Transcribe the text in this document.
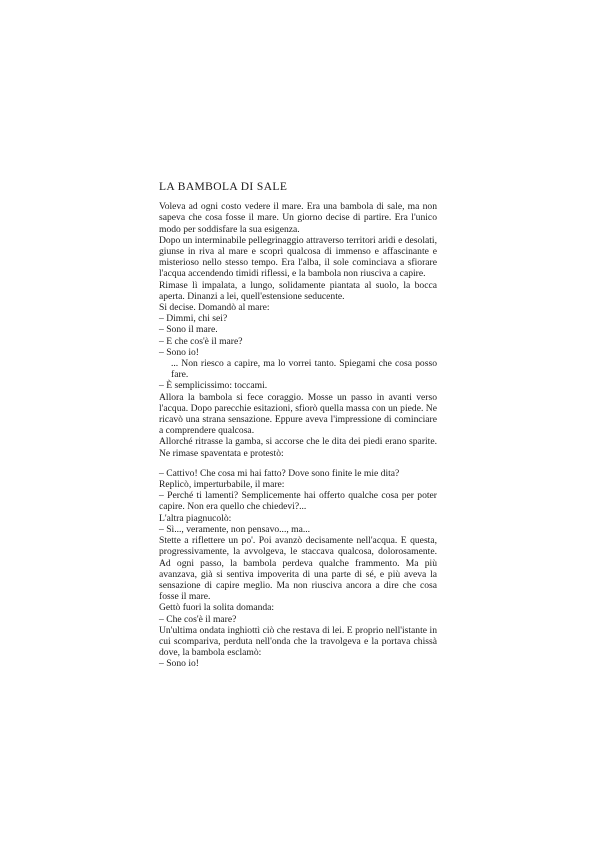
LA BAMBOLA DI SALE

Voleva ad ogni costo vedere il mare. Era una bambola di sale, ma non sapeva che cosa fosse il mare. Un giorno decise di partire. Era l'unico modo per soddisfare la sua esigenza.

Dopo un interminabile pellegrinaggio attraverso territori aridi e desolati, giunse in riva al mare e scoprì qualcosa di immenso e affascinante e misterioso nello stesso tempo. Era l'alba, il sole cominciava a sfiorare l'acqua accendendo timidi riflessi, e la bambola non riusciva a capire.

Rimase lì impalata, a lungo, solidamente piantata al suolo, la bocca aperta. Dinanzi a lei, quell'estensione seducente.

Si decise. Domandò al mare:

– Dimmi, chi sei?

– Sono il mare.

– E che cos'è il mare?

– Sono io!

... Non riesco a capire, ma lo vorrei tanto. Spiegami che cosa posso fare.

– È semplicissimo: toccami.

Allora la bambola si fece coraggio. Mosse un passo in avanti verso l'acqua. Dopo parecchie esitazioni, sfiorò quella massa con un piede. Ne ricavò una strana sensazione. Eppure aveva l'impressione di cominciare a comprendere qualcosa.

Allorché ritrasse la gamba, si accorse che le dita dei piedi erano sparite. Ne rimase spaventata e protestò:

– Cattivo! Che cosa mi hai fatto? Dove sono finite le mie dita?

Replicò, imperturbabile, il mare:

– Perché ti lamenti? Semplicemente hai offerto qualche cosa per poter capire. Non era quello che chiedevi?...

L'altra piagnucolò:

– Sì..., veramente, non pensavo..., ma...

Stette a riflettere un po'. Poi avanzò decisamente nell'acqua. E questa, progressivamente, la avvolgeva, le staccava qualcosa, dolorosamente. Ad ogni passo, la bambola perdeva qualche frammento. Ma più avanzava, già si sentiva impoverita di una parte di sé, e più aveva la sensazione di capire meglio. Ma non riusciva ancora a dire che cosa fosse il mare.

Gettò fuori la solita domanda:

– Che cos'è il mare?

Un'ultima ondata inghiottì ciò che restava di lei. E proprio nell'istante in cui scompariva, perduta nell'onda che la travolgeva e la portava chissà dove, la bambola esclamò:

– Sono io!
